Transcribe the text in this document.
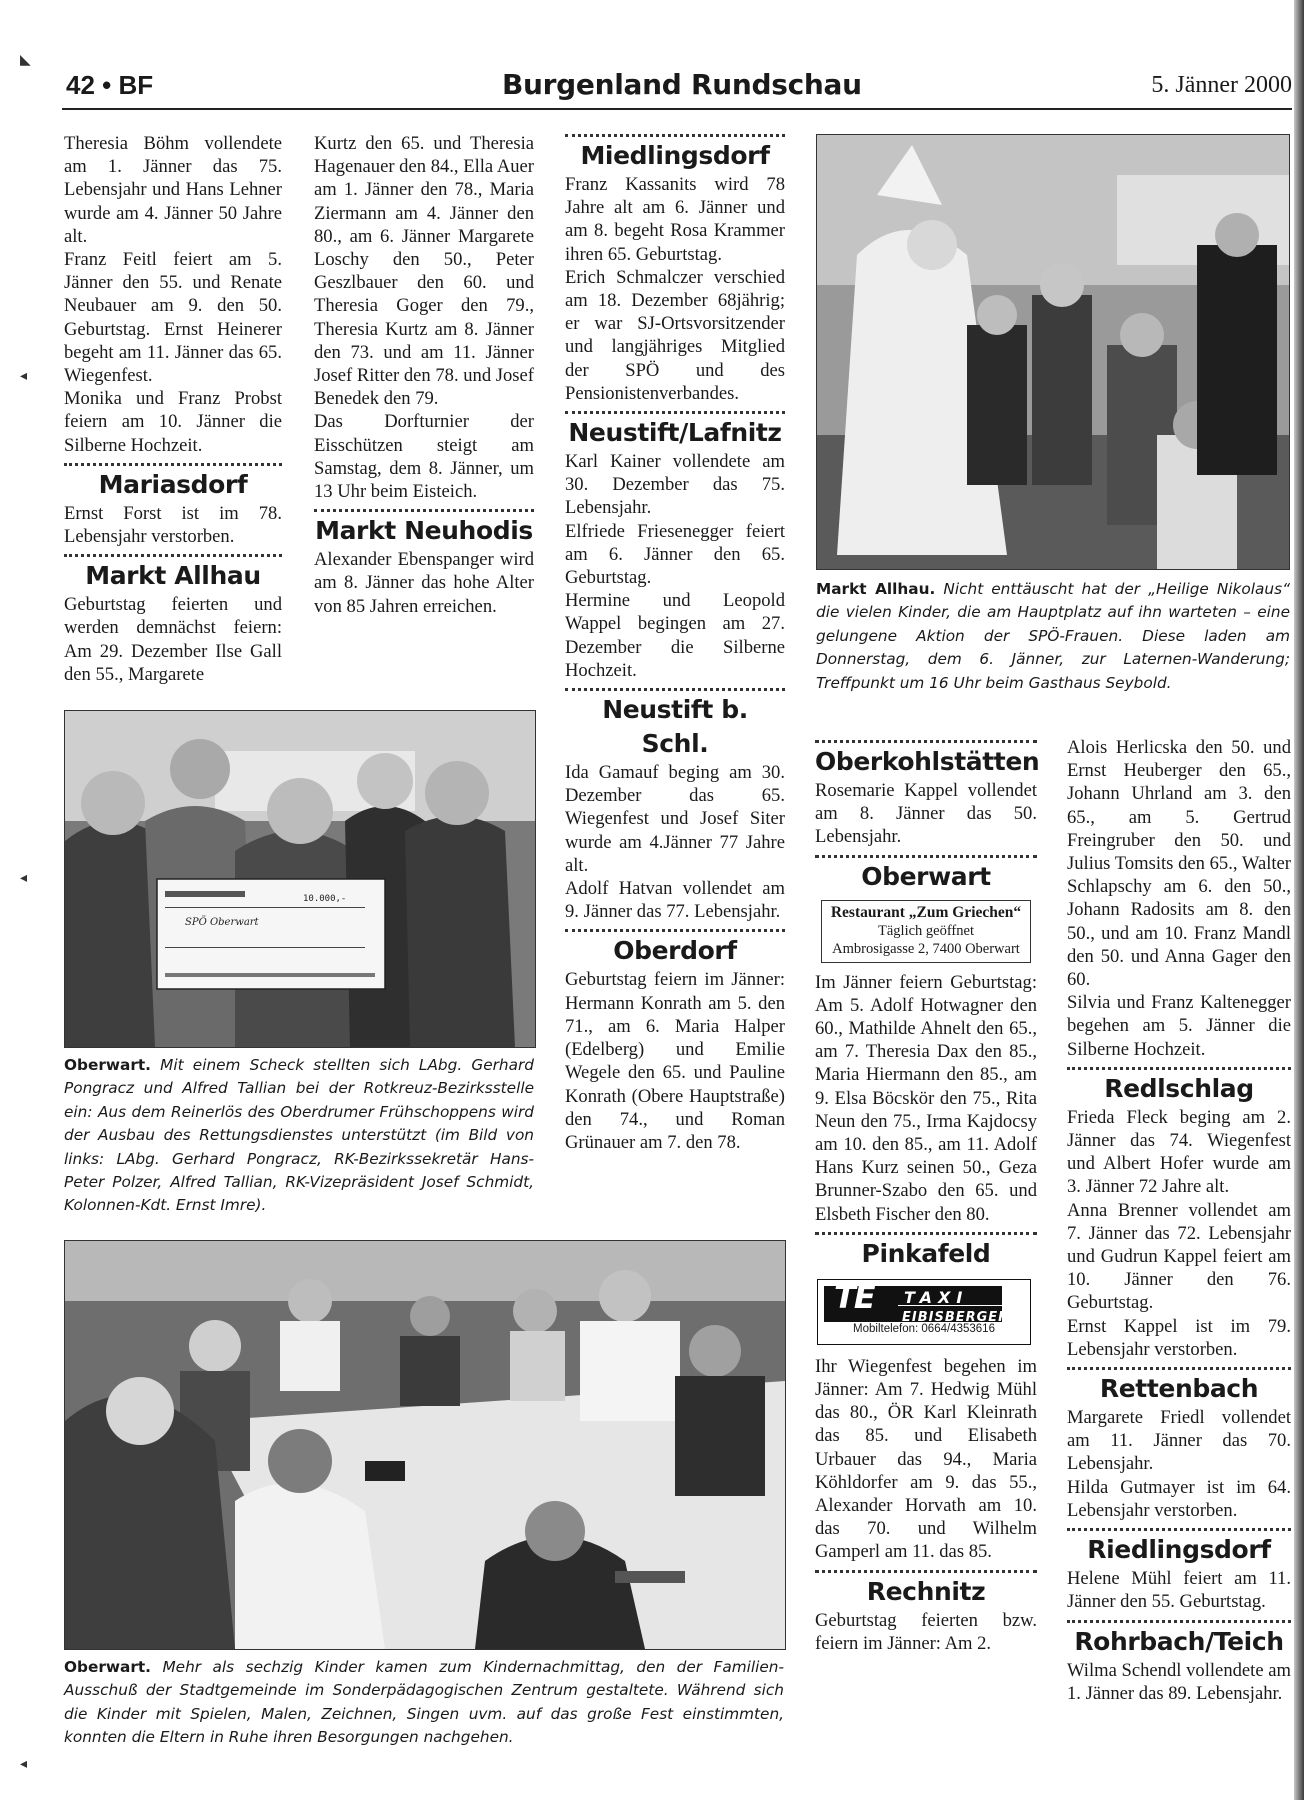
42 • BF	Burgenland Rundschau	5. Jänner 2000

Theresia Böhm vollendete am 1. Jänner das 75. Lebensjahr und Hans Lehner wurde am 4. Jänner 50 Jahre alt.

Franz Feitl feiert am 5. Jänner den 55. und Renate Neubauer am 9. den 50. Geburtstag. Ernst Heinerer begeht am 11. Jänner das 65. Wiegenfest.

Monika und Franz Probst feiern am 10. Jänner die Silberne Hochzeit.

Mariasdorf

Ernst Forst ist im 78. Lebensjahr verstorben.

Markt Allhau

Geburtstag feierten und werden demnächst feiern: Am 29. Dezember Ilse Gall den 55., Margarete

Kurtz den 65. und Theresia Hagenauer den 84., Ella Auer am 1. Jänner den 78., Maria Ziermann am 4. Jänner den 80., am 6. Jänner Margarete Loschy den 50., Peter Geszlbauer den 60. und Theresia Goger den 79., Theresia Kurtz am 8. Jänner den 73. und am 11. Jänner Josef Ritter den 78. und Josef Benedek den 79.

Das Dorfturnier der Eisschützen steigt am Samstag, dem 8. Jänner, um 13 Uhr beim Eisteich.

Markt Neuhodis

Alexander Ebenspanger wird am 8. Jänner das hohe Alter von 85 Jahren erreichen.

Miedlingsdorf

Franz Kassanits wird 78 Jahre alt am 6. Jänner und am 8. begeht Rosa Krammer ihren 65. Geburtstag.

Erich Schmalczer verschied am 18. Dezember 68jährig; er war SJ-Ortsvorsitzender und langjähriges Mitglied der SPÖ und des Pensionistenverbandes.

Neustift/Lafnitz

Karl Kainer vollendete am 30. Dezember das 75. Lebensjahr.

Elfriede Friesenegger feiert am 6. Jänner den 65. Geburtstag.

Hermine und Leopold Wappel begingen am 27. Dezember die Silberne Hochzeit.

Neustift b. Schl.

Ida Gamauf beging am 30. Dezember das 65. Wiegenfest und Josef Siter wurde am 4.Jänner 77 Jahre alt.

Adolf Hatvan vollendet am 9. Jänner das 77. Lebensjahr.

Oberdorf

Geburtstag feiern im Jänner: Hermann Konrath am 5. den 71., am 6. Maria Halper (Edelberg) und Emilie Wegele den 65. und Pauline Konrath (Obere Hauptstraße) den 74., und Roman Grünauer am 7. den 78.

Oberkohlstätten

Rosemarie Kappel vollendet am 8. Jänner das 50. Lebensjahr.

Oberwart
Restaurant „Zum Griechen“
Täglich geöffnet
Ambrosigasse 2, 7400 Oberwart

Im Jänner feiern Geburtstag: Am 5. Adolf Hotwagner den 60., Mathilde Ahnelt den 65., am 7. Theresia Dax den 85., Maria Hiermann den 85., am 9. Elsa Böcskör den 75., Rita Neun den 75., Irma Kajdocsy am 10. den 85., am 11. Adolf Hans Kurz seinen 50., Geza Brunner-Szabo den 65. und Elsbeth Fischer den 80.

Pinkafeld
TE TAXI
EIBISBERGER
Mobiltelefon: 0664/4353616

Ihr Wiegenfest begehen im Jänner: Am 7. Hedwig Mühl das 80., ÖR Karl Kleinrath das 85. und Elisabeth Urbauer das 94., Maria Köhldorfer am 9. das 55., Alexander Horvath am 10. das 70. und Wilhelm Gamperl am 11. das 85.

Rechnitz

Geburtstag feierten bzw. feiern im Jänner: Am 2.

Alois Herlicska den 50. und Ernst Heuberger den 65., Johann Uhrland am 3. den 65., am 5. Gertrud Freingruber den 50. und Julius Tomsits den 65., Walter Schlapschy am 6. den 50., Johann Radosits am 8. den 50., und am 10. Franz Mandl den 50. und Anna Gager den 60.

Silvia und Franz Kaltenegger begehen am 5. Jänner die Silberne Hochzeit.

Redlschlag

Frieda Fleck beging am 2. Jänner das 74. Wiegenfest und Albert Hofer wurde am 3. Jänner 72 Jahre alt.

Anna Brenner vollendet am 7. Jänner das 72. Lebensjahr und Gudrun Kappel feiert am 10. Jänner den 76. Geburtstag.

Ernst Kappel ist im 79. Lebensjahr verstorben.

Rettenbach

Margarete Friedl vollendet am 11. Jänner das 70. Lebensjahr.

Hilda Gutmayer ist im 64. Lebensjahr verstorben.

Riedlingsdorf

Helene Mühl feiert am 11. Jänner den 55. Geburtstag.

Rohrbach/Teich

Wilma Schendl vollendete am 1. Jänner das 89. Lebensjahr.

Markt Allhau. Nicht enttäuscht hat der „Heilige Nikolaus“ die vielen Kinder, die am Hauptplatz auf ihn warteten – eine gelungene Aktion der SPÖ-Frauen. Diese laden am Donnerstag, dem 6. Jänner, zur Laternen-Wanderung; Treffpunkt um 16 Uhr beim Gasthaus Seybold.
10.000,-
SPÖ Oberwart
Oberwart. Mit einem Scheck stellten sich LAbg. Gerhard Pongracz und Alfred Tallian bei der Rotkreuz-Bezirksstelle ein: Aus dem Reinerlös des Oberdrumer Frühschoppens wird der Ausbau des Rettungsdienstes unterstützt (im Bild von links: LAbg. Gerhard Pongracz, RK-Bezirkssekretär Hans-Peter Polzer, Alfred Tallian, RK-Vizepräsident Josef Schmidt, Kolonnen-Kdt. Ernst Imre).
Oberwart. Mehr als sechzig Kinder kamen zum Kindernachmittag, den der Familien-Ausschuß der Stadtgemeinde im Sonderpädagogischen Zentrum gestaltete. Während sich die Kinder mit Spielen, Malen, Zeichnen, Singen uvm. auf das große Fest einstimmten, konnten die Eltern in Ruhe ihren Besorgungen nachgehen.
◣
◂
◂
◂
